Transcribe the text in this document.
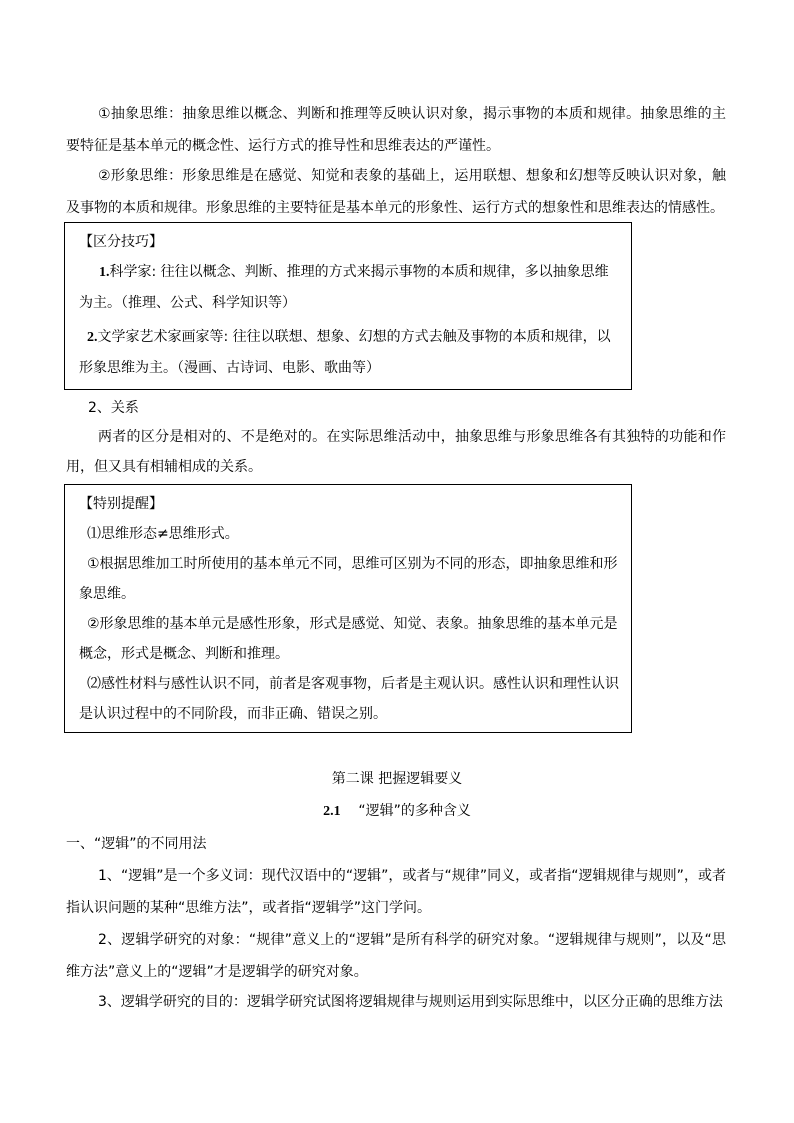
①抽象思维：抽象思维以概念、判断和推理等反映认识对象，揭示事物的本质和规律。抽象思维的主要特征是基本单元的概念性、运行方式的推导性和思维表达的严谨性。

②形象思维：形象思维是在感觉、知觉和表象的基础上，运用联想、想象和幻想等反映认识对象，触及事物的本质和规律。形象思维的主要特征是基本单元的形象性、运行方式的想象性和思维表达的情感性。

【区分技巧】

1.科学家: 往往以概念、判断、推理的方式来揭示事物的本质和规律，多以抽象思维为主。（推理、公式、科学知识等）

2.文学家艺术家画家等: 往往以联想、想象、幻想的方式去触及事物的本质和规律，以形象思维为主。（漫画、古诗词、电影、歌曲等）

2、关系

两者的区分是相对的、不是绝对的。在实际思维活动中，抽象思维与形象思维各有其独特的功能和作用，但又具有相辅相成的关系。

【特别提醒】

⑴思维形态≠思维形式。

①根据思维加工时所使用的基本单元不同，思维可区别为不同的形态，即抽象思维和形象思维。

②形象思维的基本单元是感性形象，形式是感觉、知觉、表象。抽象思维的基本单元是概念，形式是概念、判断和推理。

⑵感性材料与感性认识不同，前者是客观事物，后者是主观认识。感性认识和理性认识是认识过程中的不同阶段，而非正确、错误之别。

第二课 把握逻辑要义
2.1 “逻辑”的多种含义

一、“逻辑”的不同用法

1、“逻辑”是一个多义词：现代汉语中的“逻辑”，或者与“规律”同义，或者指“逻辑规律与规则”，或者指认识问题的某种“思维方法”，或者指“逻辑学”这门学问。

2、逻辑学研究的对象：“规律”意义上的“逻辑”是所有科学的研究对象。“逻辑规律与规则”，以及“思维方法”意义上的“逻辑”才是逻辑学的研究对象。

3、逻辑学研究的目的：逻辑学研究试图将逻辑规律与规则运用到实际思维中，以区分正确的思维方法
